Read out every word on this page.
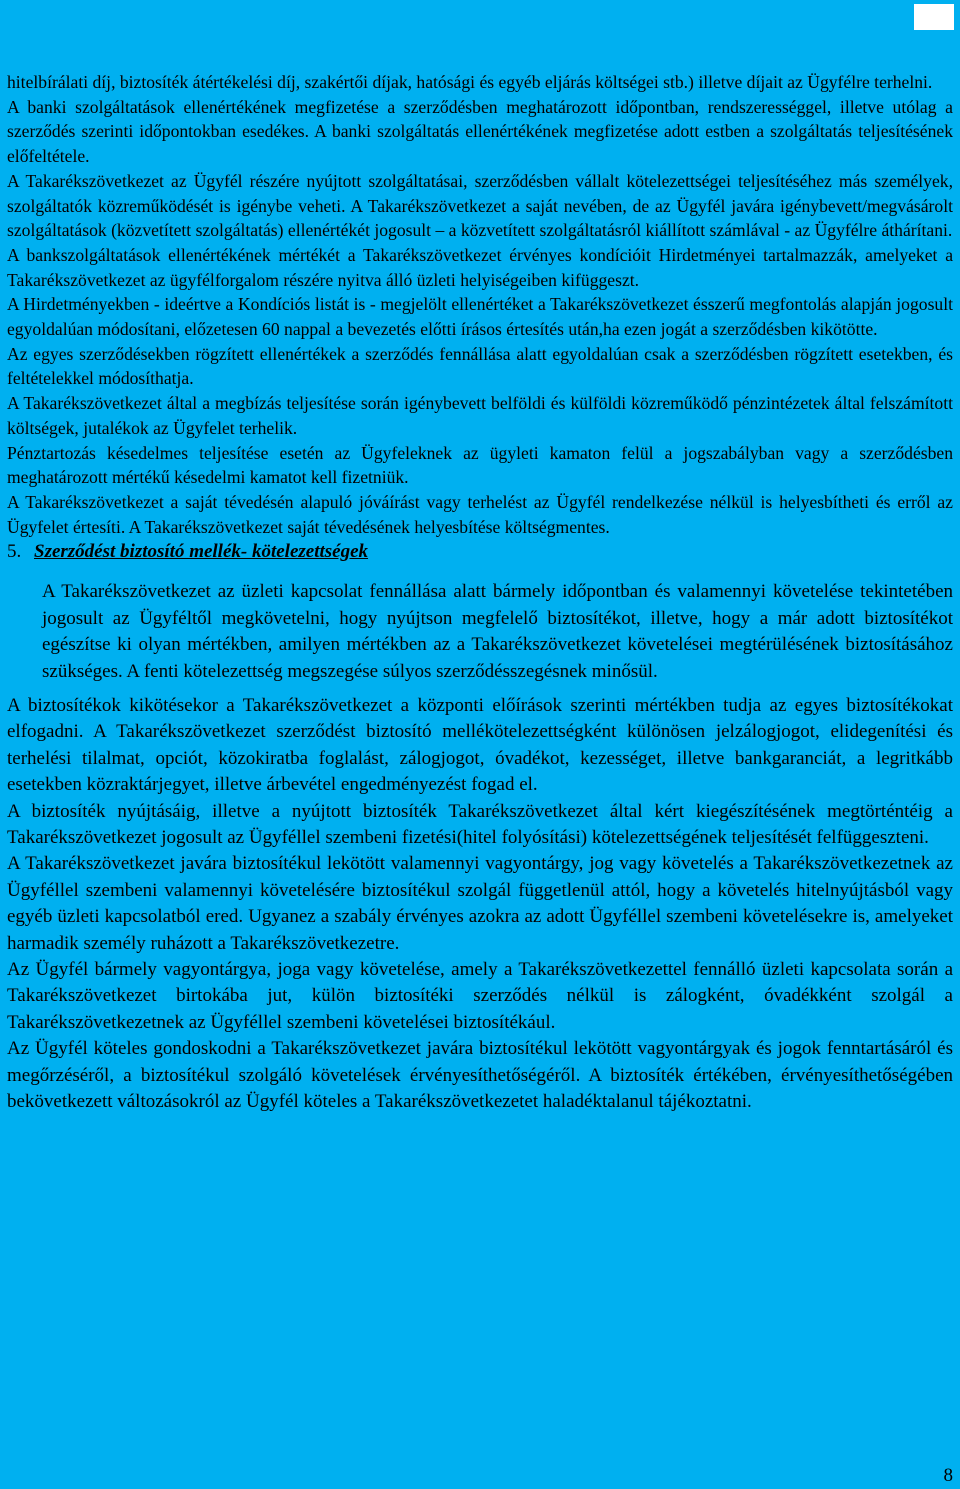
hitelbírálati díj, biztosíték átértékelési díj, szakértői díjak, hatósági és egyéb eljárás költségei stb.) illetve díjait az Ügyfélre terhelni.

A banki szolgáltatások ellenértékének megfizetése a szerződésben meghatározott időpontban, rendszerességgel, illetve utólag a szerződés szerinti időpontokban esedékes. A banki szolgáltatás ellenértékének megfizetése adott estben a szolgáltatás teljesítésének előfeltétele.

A Takarékszövetkezet az Ügyfél részére nyújtott szolgáltatásai, szerződésben vállalt kötelezettségei teljesítéséhez más személyek, szolgáltatók közreműködését is igénybe veheti. A Takarékszövetkezet a saját nevében, de az Ügyfél javára igénybevett/megvásárolt szolgáltatások (közvetített szolgáltatás) ellenértékét jogosult – a közvetített szolgáltatásról kiállított számlával - az Ügyfélre áthárítani.

A bankszolgáltatások ellenértékének mértékét a Takarékszövetkezet érvényes kondícióit Hirdetményei tartalmazzák, amelyeket a Takarékszövetkezet az ügyfélforgalom részére nyitva álló üzleti helyiségeiben kifüggeszt.

A Hirdetményekben - ideértve a Kondíciós listát is - megjelölt ellenértéket a Takarékszövetkezet ésszerű megfontolás alapján jogosult egyoldalúan módosítani, előzetesen 60 nappal a bevezetés előtti írásos értesítés után,ha ezen jogát a szerződésben kikötötte.

Az egyes szerződésekben rögzített ellenértékek a szerződés fennállása alatt egyoldalúan csak a szerződésben rögzített esetekben, és feltételekkel módosíthatja.

A Takarékszövetkezet által a megbízás teljesítése során igénybevett belföldi és külföldi közreműködő pénzintézetek által felszámított költségek, jutalékok az Ügyfelet terhelik.

Pénztartozás késedelmes teljesítése esetén az Ügyfeleknek az ügyleti kamaton felül a jogszabályban vagy a szerződésben meghatározott mértékű késedelmi kamatot kell fizetniük.

A Takarékszövetkezet a saját tévedésén alapuló jóváírást vagy terhelést az Ügyfél rendelkezése nélkül is helyesbítheti és erről az Ügyfelet értesíti. A Takarékszövetkezet saját tévedésének helyesbítése költségmentes.

5. Szerződést biztosító mellék- kötelezettségek

A Takarékszövetkezet az üzleti kapcsolat fennállása alatt bármely időpontban és valamennyi követelése tekintetében jogosult az Ügyféltől megkövetelni, hogy nyújtson megfelelő biztosítékot, illetve, hogy a már adott biztosítékot egészítse ki olyan mértékben, amilyen mértékben az a Takarékszövetkezet követelései megtérülésének biztosításához szükséges. A fenti kötelezettség megszegése súlyos szerződésszegésnek minősül.

A biztosítékok kikötésekor a Takarékszövetkezet a központi előírások szerinti mértékben tudja az egyes biztosítékokat elfogadni. A Takarékszövetkezet szerződést biztosító mellékötelezettségként különösen jelzálogjogot, elidegenítési és terhelési tilalmat, opciót, közokiratba foglalást, zálogjogot, óvadékot, kezességet, illetve bankgaranciát, a legritkább esetekben közraktárjegyet, illetve árbevétel engedményezést fogad el.

A biztosíték nyújtásáig, illetve a nyújtott biztosíték Takarékszövetkezet által kért kiegészítésének megtörténtéig a Takarékszövetkezet jogosult az Ügyféllel szembeni fizetési(hitel folyósítási) kötelezettségének teljesítését felfüggeszteni.

A Takarékszövetkezet javára biztosítékul lekötött valamennyi vagyontárgy, jog vagy követelés a Takarékszövetkezetnek az Ügyféllel szembeni valamennyi követelésére biztosítékul szolgál függetlenül attól, hogy a követelés hitelnyújtásból vagy egyéb üzleti kapcsolatból ered. Ugyanez a szabály érvényes azokra az adott Ügyféllel szembeni követelésekre is, amelyeket harmadik személy ruházott a Takarékszövetkezetre.

Az Ügyfél bármely vagyontárgya, joga vagy követelése, amely a Takarékszövetkezettel fennálló üzleti kapcsolata során a Takarékszövetkezet birtokába jut, külön biztosítéki szerződés nélkül is zálogként, óvadékként szolgál a Takarékszövetkezetnek az Ügyféllel szembeni követelései biztosítékául.

Az Ügyfél köteles gondoskodni a Takarékszövetkezet javára biztosítékul lekötött vagyontárgyak és jogok fenntartásáról és megőrzéséről, a biztosítékul szolgáló követelések érvényesíthetőségéről. A biztosíték értékében, érvényesíthetőségében bekövetkezett változásokról az Ügyfél köteles a Takarékszövetkezetet haladéktalanul tájékoztatni.

8
